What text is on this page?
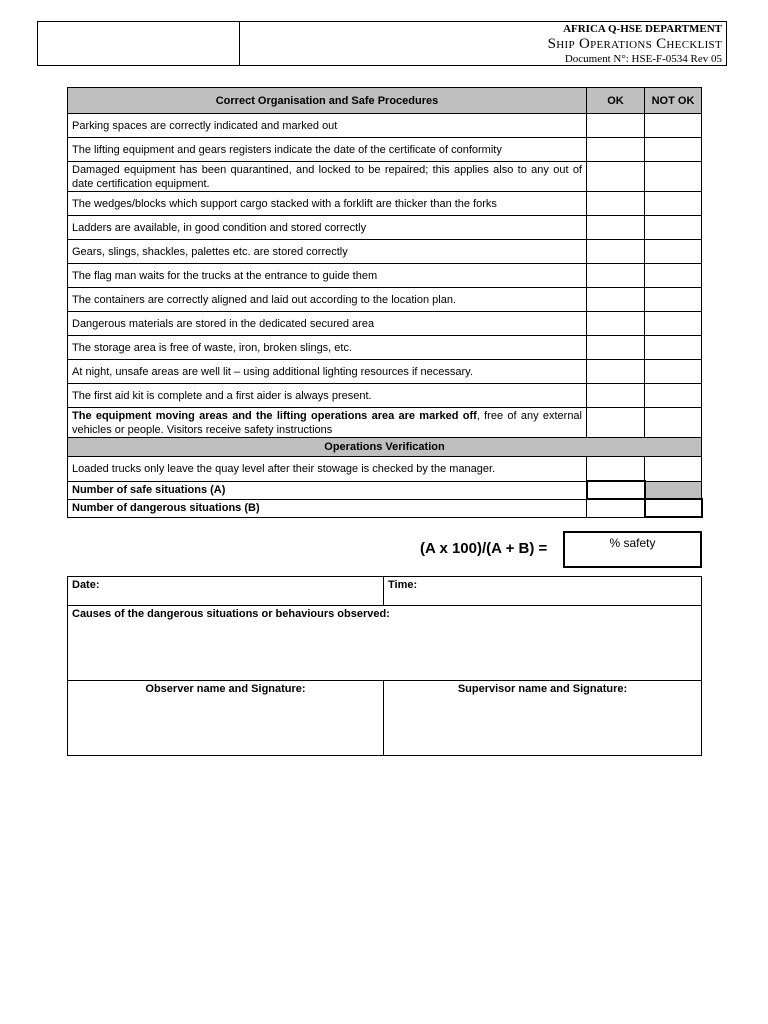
AFRICA Q-HSE DEPARTMENT
Ship Operations Checklist
Document N°: HSE-F-0534 Rev 05
Correct Organisation and Safe Procedures	OK	NOT OK
Parking spaces are correctly indicated and marked out		
The lifting equipment and gears registers indicate the date of the certificate of conformity		
Damaged equipment has been quarantined, and locked to be repaired; this applies also to any out of date certification equipment.		
The wedges/blocks which support cargo stacked with a forklift are thicker than the forks		
Ladders are available, in good condition and stored correctly		
Gears, slings, shackles, palettes etc. are stored correctly		
The flag man waits for the trucks at the entrance to guide them		
The containers are correctly aligned and laid out according to the location plan.		
Dangerous materials are stored in the dedicated secured area		
The storage area is free of waste, iron, broken slings, etc.		
At night, unsafe areas are well lit – using additional lighting resources if necessary.		
The first aid kit is complete and a first aider is always present.		
The equipment moving areas and the lifting operations area are marked off, free of any external vehicles or people. Visitors receive safety instructions		
Operations Verification		
Loaded trucks only leave the quay level after their stowage is checked by the manager.		
Number of safe situations (A)		
Number of dangerous situations (B)		
(A x 100)/(A + B) =	% safety
Date:	Time:
Causes of the dangerous situations or behaviours observed:	
Observer name and Signature:	Supervisor name and Signature:
